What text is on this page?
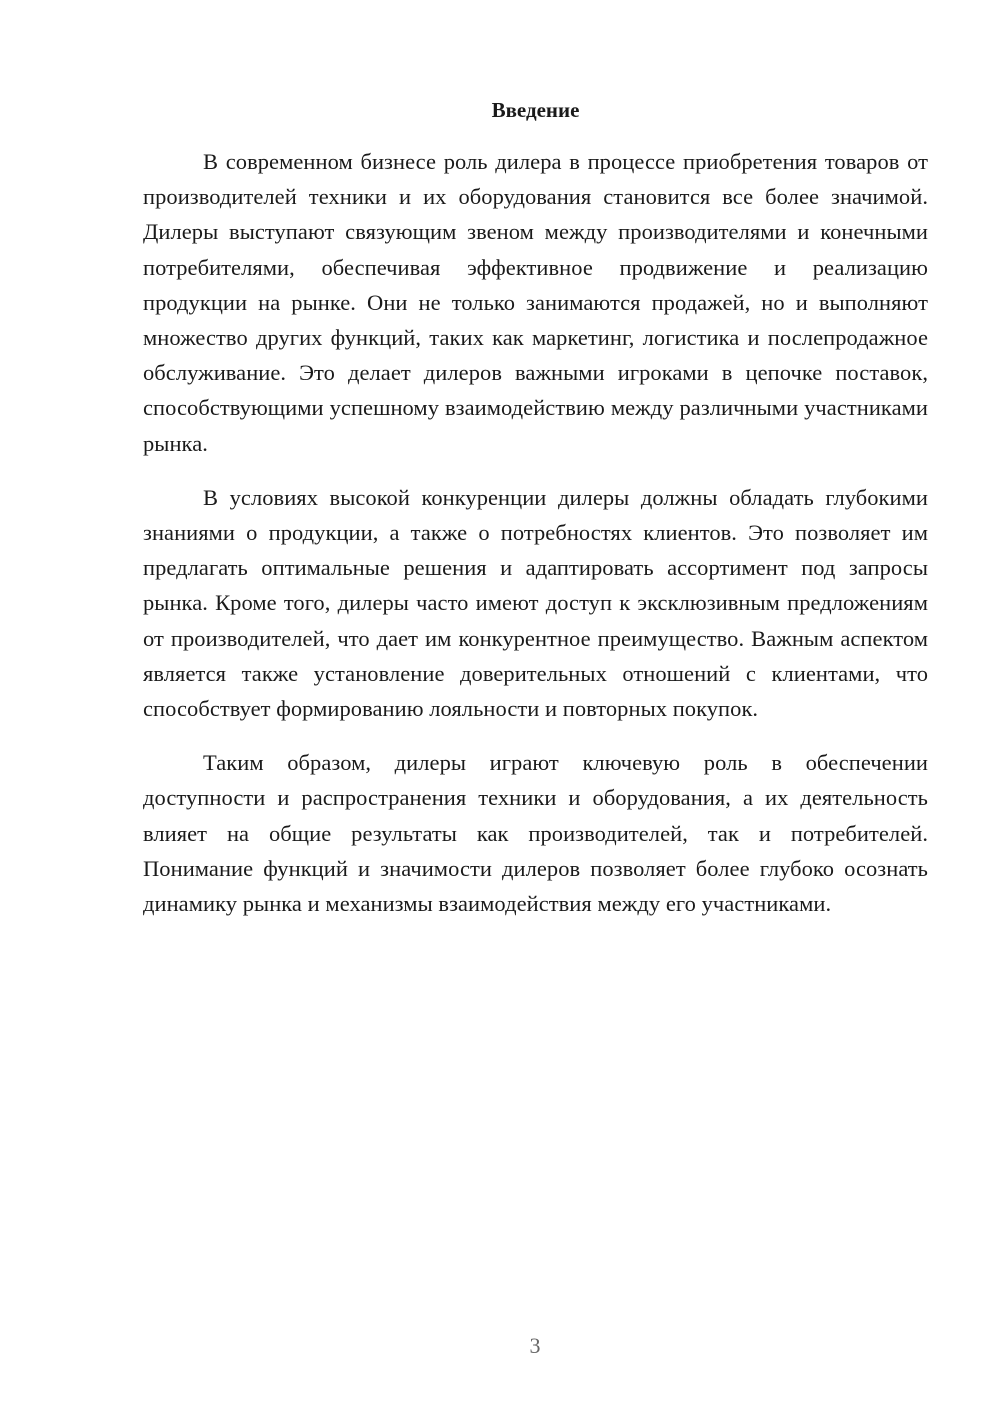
Введение

В современном бизнесе роль дилера в процессе приобретения товаров от производителей техники и их оборудования становится все более значимой. Дилеры выступают связующим звеном между производителями и конечными потребителями, обеспечивая эффективное продвижение и реализацию продукции на рынке. Они не только занимаются продажей, но и выполняют множество других функций, таких как маркетинг, логистика и послепродажное обслуживание. Это делает дилеров важными игроками в цепочке поставок, способствующими успешному взаимодействию между различными участниками рынка.

В условиях высокой конкуренции дилеры должны обладать глубокими знаниями о продукции, а также о потребностях клиентов. Это позволяет им предлагать оптимальные решения и адаптировать ассортимент под запросы рынка. Кроме того, дилеры часто имеют доступ к эксклюзивным предложениям от производителей, что дает им конкурентное преимущество. Важным аспектом является также установление доверительных отношений с клиентами, что способствует формированию лояльности и повторных покупок.

Таким образом, дилеры играют ключевую роль в обеспечении доступности и распространения техники и оборудования, а их деятельность влияет на общие результаты как производителей, так и потребителей. Понимание функций и значимости дилеров позволяет более глубоко осознать динамику рынка и механизмы взаимодействия между его участниками.

3
